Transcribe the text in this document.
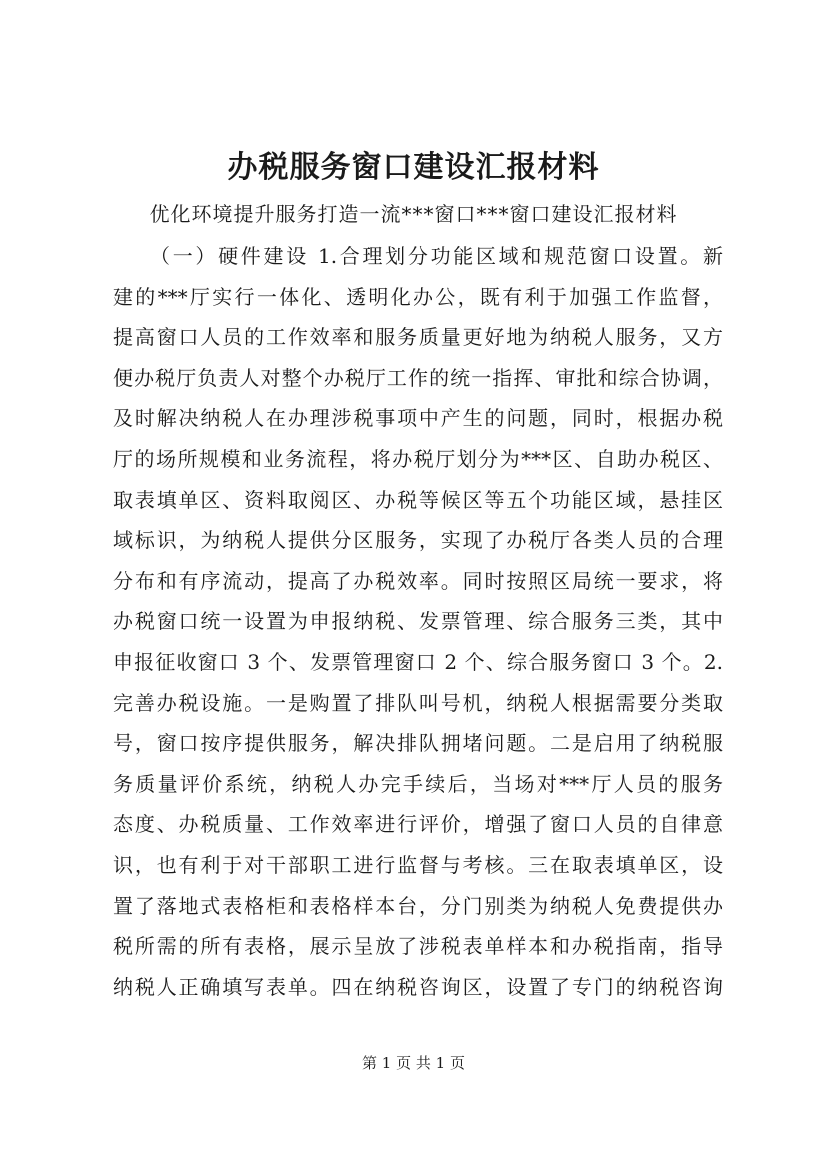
办税服务窗口建设汇报材料
优化环境提升服务打造一流***窗口***窗口建设汇报材料
（一）硬件建设 1.合理划分功能区域和规范窗口设置。新
建的***厅实行一体化、透明化办公，既有利于加强工作监督，
提高窗口人员的工作效率和服务质量更好地为纳税人服务，又方
便办税厅负责人对整个办税厅工作的统一指挥、审批和综合协调，
及时解决纳税人在办理涉税事项中产生的问题，同时，根据办税
厅的场所规模和业务流程，将办税厅划分为***区、自助办税区、
取表填单区、资料取阅区、办税等候区等五个功能区域，悬挂区
域标识，为纳税人提供分区服务，实现了办税厅各类人员的合理
分布和有序流动，提高了办税效率。同时按照区局统一要求，将
办税窗口统一设置为申报纳税、发票管理、综合服务三类，其中
申报征收窗口 3 个、发票管理窗口 2 个、综合服务窗口 3 个。2.
完善办税设施。一是购置了排队叫号机，纳税人根据需要分类取
号，窗口按序提供服务，解决排队拥堵问题。二是启用了纳税服
务质量评价系统，纳税人办完手续后，当场对***厅人员的服务
态度、办税质量、工作效率进行评价，增强了窗口人员的自律意
识，也有利于对干部职工进行监督与考核。三在取表填单区，设
置了落地式表格柜和表格样本台，分门别类为纳税人免费提供办
税所需的所有表格，展示呈放了涉税表单样本和办税指南，指导
纳税人正确填写表单。四在纳税咨询区，设置了专门的纳税咨询
第 1 页 共 1 页
